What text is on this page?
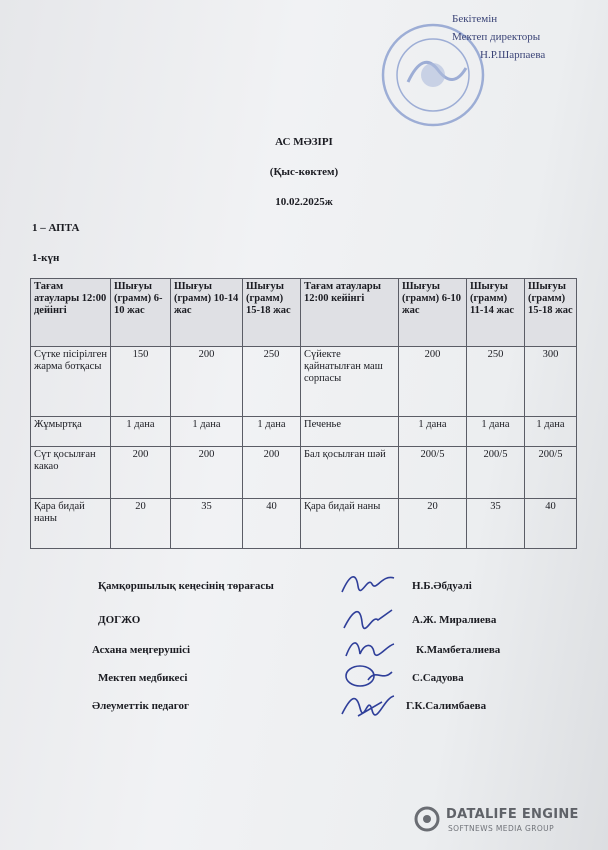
Бекітемін
Мектеп директоры
Н.Р.Шарпаева
АС МӘЗІРІ
(Қыс-көктем)
10.02.2025ж
1 – АПТА
1-күн
Тағам атаулары 12:00 дейінгі	Шығуы (грамм) 6-10 жас	Шығуы (грамм) 10-14 жас	Шығуы (грамм) 15-18 жас	Тағам атаулары 12:00 кейінгі	Шығуы (грамм) 6-10 жас	Шығуы (грамм) 11-14 жас	Шығуы (грамм) 15-18 жас
Сүтке пісірілген жарма ботқасы	150	200	250	Сүйекте қайнатылған маш сорпасы	200	250	300
Жұмыртқа	1 дана	1 дана	1 дана	Печенье	1 дана	1 дана	1 дана
Сүт қосылған какао	200	200	200	Бал қосылған шәй	200/5	200/5	200/5
Қара бидай наны	20	35	40	Қара бидай наны	20	35	40
Қамқоршылық кеңесінің төрағасы	Н.Б.Әбдуәлі
ДОГЖО	А.Ж. Миралиева
Асхана меңгерушісі	К.Мамбеталиева
Мектеп медбикесі	С.Садуова
Әлеуметтік педагог	Г.К.Салимбаева
DATALIFE ENGINE
SOFTNEWS MEDIA GROUP
